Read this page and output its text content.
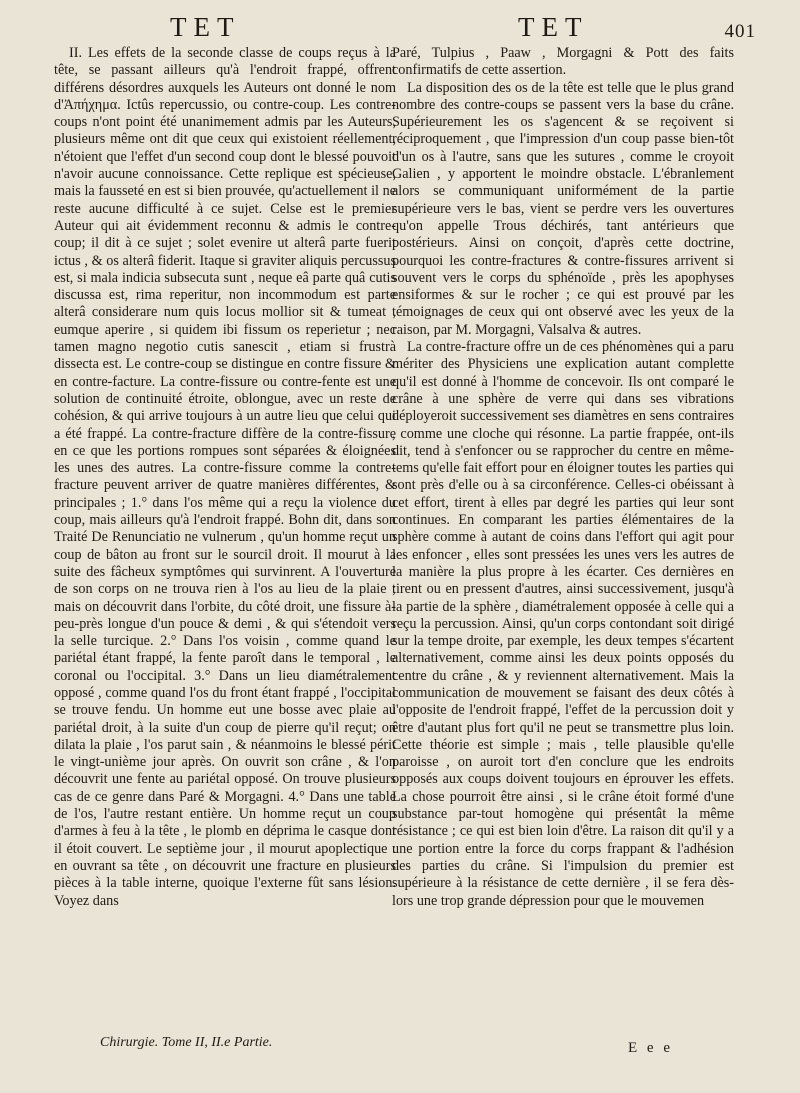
TET	TET	401

II. Les effets de la seconde classe de coups reçus à la tête, se passant ailleurs qu'à l'endroit frappé, offrent différens désordres auxquels les Auteurs ont donné le nom d'Ἀπήχημα. Ictûs repercussio, ou contre-coup. Les contre-coups n'ont point été unanimement admis par les Auteurs, plusieurs même ont dit que ceux qui existoient réellement, n'étoient que l'effet d'un second coup dont le blessé pouvoit n'avoir aucune connoissance. Cette replique est spécieuse, mais la fausseté en est si bien prouvée, qu'actuellement il ne reste aucune difficulté à ce sujet. Celse est le premier Auteur qui ait évidemment reconnu & admis le contre-coup; il dit à ce sujet ; solet evenire ut alterâ parte fuerit ictus , & os alterâ fiderit. Itaque si graviter aliquis percussus est, si mala indicia subsecuta sunt , neque eâ parte quâ cutis discussa est, rima reperitur, non incommodum est parte alterâ considerare num quis locus mollior sit & tumeat , eumque aperire , si quidem ibi fissum os reperietur ; nec tamen magno negotio cutis sanescit , etiam si frustrà dissecta est. Le contre-coup se distingue en contre fissure & en contre-facture. La contre-fissure ou contre-fente est une solution de continuité étroite, oblongue, avec un reste de cohésion, & qui arrive toujours à un autre lieu que celui qui a été frappé. La contre-fracture diffère de la contre-fissure en ce que les portions rompues sont séparées & éloignées les unes des autres. La contre-fissure comme la contre-fracture peuvent arriver de quatre manières différentes, & principales ; 1.° dans l'os même qui a reçu la violence du coup, mais ailleurs qu'à l'endroit frappé. Bohn dit, dans son Traité De Renunciatio ne vulnerum , qu'un homme reçut un coup de bâton au front sur le sourcil droit. Il mourut à la suite des fâcheux symptômes qui survinrent. A l'ouverture de son corps on ne trouva rien à l'os au lieu de la plaie ; mais on découvrit dans l'orbite, du côté droit, une fissure à-peu-près longue d'un pouce & demi , & qui s'étendoit vers la selle turcique. 2.° Dans l'os voisin , comme quand le pariétal étant frappé, la fente paroît dans le temporal , le coronal ou l'occipital. 3.° Dans un lieu diamétralement opposé , comme quand l'os du front étant frappé , l'occipital se trouve fendu. Un homme eut une bosse avec plaie au pariétal droit, à la suite d'un coup de pierre qu'il reçut; on dilata la plaie , l'os parut sain , & néanmoins le blessé périt le vingt-unième jour après. On ouvrit son crâne , & l'on découvrit une fente au pariétal opposé. On trouve plusieurs cas de ce genre dans Paré & Morgagni. 4.° Dans une table de l'os, l'autre restant entière. Un homme reçut un coup d'armes à feu à la tête , le plomb en déprima le casque dont il étoit couvert. Le septième jour , il mourut apoplectique : en ouvrant sa tête , on découvrit une fracture en plusieurs pièces à la table interne, quoique l'externe fût sans lésion. Voyez dans

Paré, Tulpius , Paaw , Morgagni & Pott des faits confirmatifs de cette assertion.

La disposition des os de la tête est telle que le plus grand nombre des contre-coups se passent vers la base du crâne. Supérieurement les os s'agencent & se reçoivent si réciproquement , que l'impression d'un coup passe bien-tôt d'un os à l'autre, sans que les sutures , comme le croyoit Galien , y apportent le moindre obstacle. L'ébranlement alors se communiquant uniformément de la partie supérieure vers le bas, vient se perdre vers les ouvertures qu'on appelle Trous déchirés, tant antérieurs que postérieurs. Ainsi on conçoit, d'après cette doctrine, pourquoi les contre-fractures & contre-fissures arrivent si souvent vers le corps du sphénoïde , près les apophyses ensiformes & sur le rocher ; ce qui est prouvé par les témoignages de ceux qui ont observé avec les yeux de la raison, par M. Morgagni, Valsalva & autres.

La contre-fracture offre un de ces phénomènes qui a paru mériter des Physiciens une explication autant complette qu'il est donné à l'homme de concevoir. Ils ont comparé le crâne à une sphère de verre qui dans ses vibrations déployeroit successivement ses diamètres en sens contraires , comme une cloche qui résonne. La partie frappée, ont-ils dit, tend à s'enfoncer ou se rapprocher du centre en même-tems qu'elle fait effort pour en éloigner toutes les parties qui sont près d'elle ou à sa circonférence. Celles-ci obéissant à cet effort, tirent à elles par degré les parties qui leur sont continues. En comparant les parties élémentaires de la sphère comme à autant de coins dans l'effort qui agit pour les enfoncer , elles sont pressées les unes vers les autres de la manière la plus propre à les écarter. Ces dernières en tirent ou en pressent d'autres, ainsi successivement, jusqu'à la partie de la sphère , diamétralement opposée à celle qui a reçu la percussion. Ainsi, qu'un corps contondant soit dirigé sur la tempe droite, par exemple, les deux tempes s'écartent alternativement, comme ainsi les deux points opposés du centre du crâne , & y reviennent alternativement. Mais la communication de mouvement se faisant des deux côtés à l'opposite de l'endroit frappé, l'effet de la percussion doit y être d'autant plus fort qu'il ne peut se transmettre plus loin. Cette théorie est simple ; mais , telle plausible qu'elle paroisse , on auroit tort d'en conclure que les endroits opposés aux coups doivent toujours en éprouver les effets. La chose pourroit être ainsi , si le crâne étoit formé d'une substance par-tout homogène qui présentât la même résistance ; ce qui est bien loin d'être. La raison dit qu'il y a une portion entre la force du corps frappant & l'adhésion des parties du crâne. Si l'impulsion du premier est supérieure à la résistance de cette dernière , il se fera dès-lors une trop grande dépression pour que le mouvemen

Chirurgie. Tome II, II.e Partie.	E e e
